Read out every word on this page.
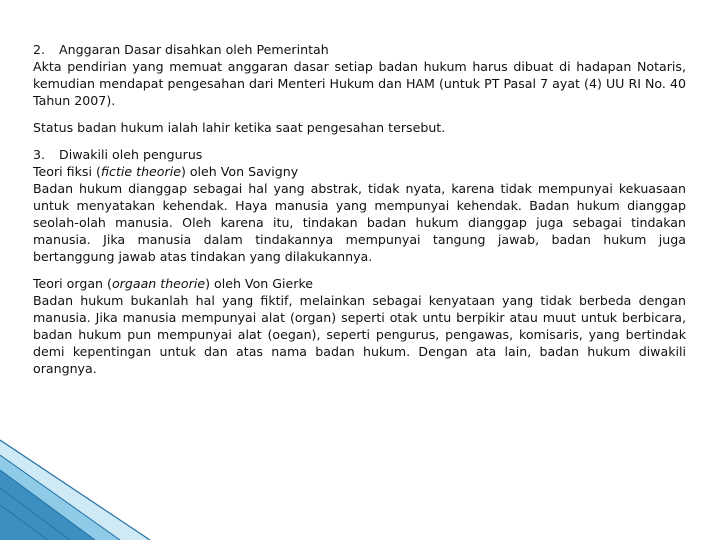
2. Anggaran Dasar disahkan oleh Pemerintah
Akta pendirian yang memuat anggaran dasar setiap badan hukum harus dibuat di hadapan Notaris, kemudian mendapat pengesahan dari Menteri Hukum dan HAM (untuk PT Pasal 7 ayat (4) UU RI No. 40 Tahun 2007).
Status badan hukum ialah lahir ketika saat pengesahan tersebut.
3. Diwakili oleh pengurus
Teori fiksi (fictie theorie) oleh Von Savigny
Badan hukum dianggap sebagai hal yang abstrak, tidak nyata, karena tidak mempunyai kekuasaan untuk menyatakan kehendak. Haya manusia yang mempunyai kehendak. Badan hukum dianggap seolah-olah manusia. Oleh karena itu, tindakan badan hukum dianggap juga sebagai tindakan manusia. Jika manusia dalam tindakannya mempunyai tangung jawab, badan hukum juga bertanggung jawab atas tindakan yang dilakukannya.
Teori organ (orgaan theorie) oleh Von Gierke
Badan hukum bukanlah hal yang fiktif, melainkan sebagai kenyataan yang tidak berbeda dengan manusia. Jika manusia mempunyai alat (organ) seperti otak untu berpikir atau muut untuk berbicara, badan hukum pun mempunyai alat (oegan), seperti pengurus, pengawas, komisaris, yang bertindak demi kepentingan untuk dan atas nama badan hukum. Dengan ata lain, badan hukum diwakili orangnya.
